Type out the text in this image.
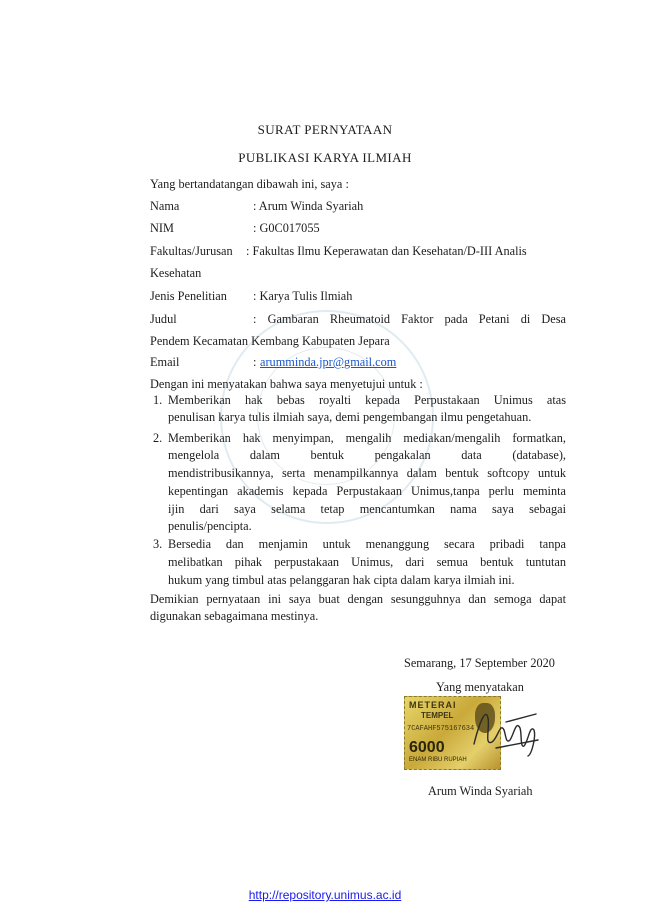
SURAT PERNYATAAN
PUBLIKASI KARYA ILMIAH
Yang bertandatangan dibawah ini, saya :
Nama	: Arum Winda Syariah
NIM	: G0C017055
Fakultas/Jurusan : Fakultas Ilmu Keperawatan dan Kesehatan/D-III Analis
Kesehatan
Jenis Penelitian : Karya Tulis Ilmiah
Judul	: Gambaran Rheumatoid Faktor pada Petani di Desa
Pendem Kecamatan Kembang Kabupaten Jepara
Email	: arumminda.jpr@gmail.com
Dengan ini menyatakan bahwa saya menyetujui untuk :
1. Memberikan hak bebas royalti kepada Perpustakaan Unimus atas
penulisan karya tulis ilmiah saya, demi pengembangan ilmu pengetahuan.
2. Memberikan hak menyimpan, mengalih mediakan/mengalih formatkan,
mengelola dalam bentuk pengakalan data (database),
mendistribusikannya, serta menampilkannya dalam bentuk softcopy untuk
kepentingan akademis kepada Perpustakaan Unimus,tanpa perlu meminta
ijin dari saya selama tetap mencantumkan nama saya sebagai
penulis/pencipta.
3. Bersedia dan menjamin untuk menanggung secara pribadi tanpa
melibatkan pihak perpustakaan Unimus, dari semua bentuk tuntutan
hukum yang timbul atas pelanggaran hak cipta dalam karya ilmiah ini.
Demikian pernyataan ini saya buat dengan sesungguhnya dan semoga dapat
digunakan sebagaimana mestinya.
Semarang, 17 September 2020
Yang menyatakan
METERAI
TEMPEL
7CAFAHF575167634
6000
ENAM RIBU RUPIAH
Arum Winda Syariah
http://repository.unimus.ac.id
